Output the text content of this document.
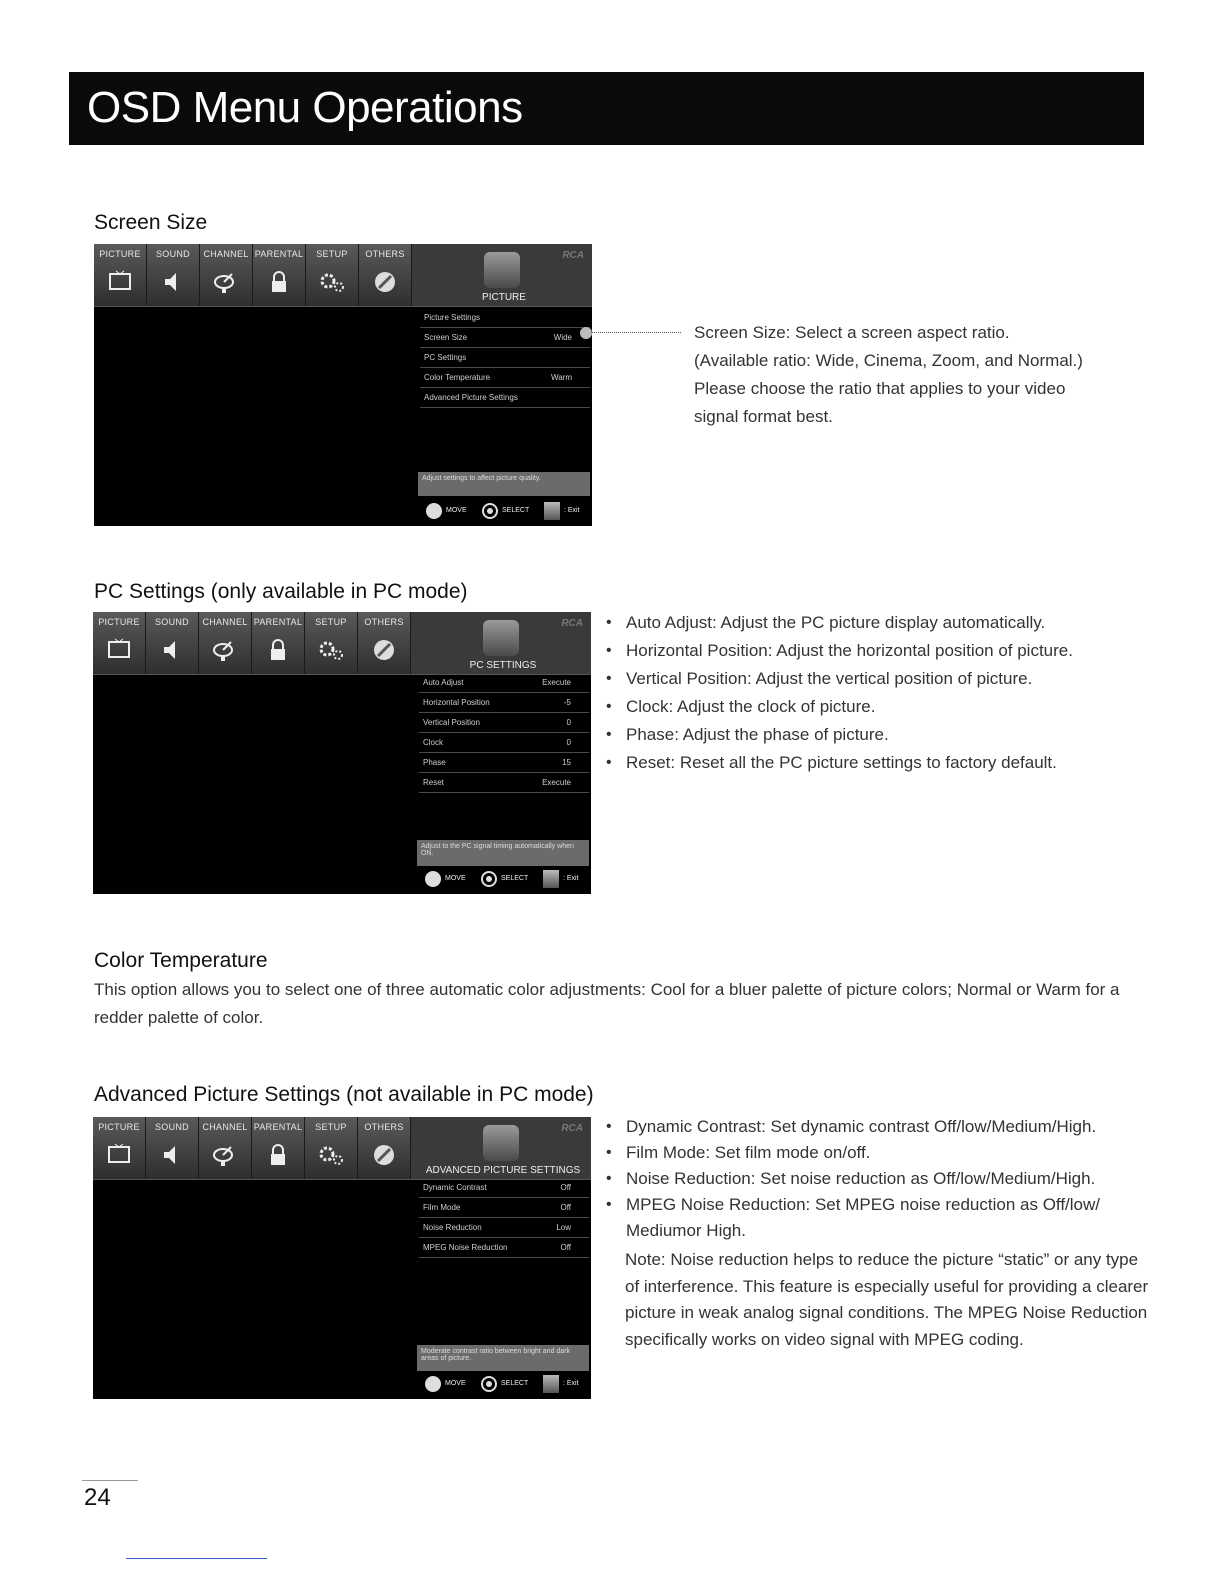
OSD Menu Operations
Screen Size
PICTURE	SOUND	CHANNEL PARENTAL	SETUP	OTHERS	RCA
PICTURE
Picture Settings
Screen Size	Wide
PC Settings
Color Temperature	Warm
Advanced Picture Settings
Adjust settings to affect picture quality.
MOVE	SELECT	: Exit
Screen Size: Select a screen aspect ratio.
(Available ratio: Wide, Cinema, Zoom, and Normal.)
Please choose the ratio that applies to your video
signal format best.
PC Settings (only available in PC mode)
PICTURE	SOUND	CHANNEL PARENTAL	SETUP	OTHERS	RCA
PC SETTINGS
Auto Adjust	Execute
Horizontal Position	-5
Vertical Position	0
Clock	0
Phase	15
Reset	Execute
Adjust to the PC signal timing automatically when ON.
MOVE	SELECT	: Exit
• Auto Adjust: Adjust the PC picture display automatically.
• Horizontal Position: Adjust the horizontal position of picture.
• Vertical Position: Adjust the vertical position of picture.
• Clock: Adjust the clock of picture.
• Phase: Adjust the phase of picture.
• Reset: Reset all the PC picture settings to factory default.
Color Temperature
This option allows you to select one of three automatic color adjustments: Cool for a bluer palette of picture colors; Normal or Warm for a redder palette of color.
Advanced Picture Settings (not available in PC mode)
PICTURE	SOUND	CHANNEL PARENTAL	SETUP	OTHERS	RCA
ADVANCED PICTURE SETTINGS
Dynamic Contrast	Off
Film Mode	Off
Noise Reduction	Low
MPEG Noise Reduction	Off
Moderate contrast ratio between bright and dark areas of picture.
MOVE	SELECT	: Exit
• Dynamic Contrast: Set dynamic contrast Off/low/Medium/High.
• Film Mode: Set film mode on/off.
• Noise Reduction: Set noise reduction as Off/low/Medium/High.
• MPEG Noise Reduction: Set MPEG noise reduction as Off/low/ Mediumor High.
Note: Noise reduction helps to reduce the picture “static” or any type of interference. This feature is especially useful for providing a clearer picture in weak analog signal conditions. The MPEG Noise Reduction specifically works on video signal with MPEG coding.
24
